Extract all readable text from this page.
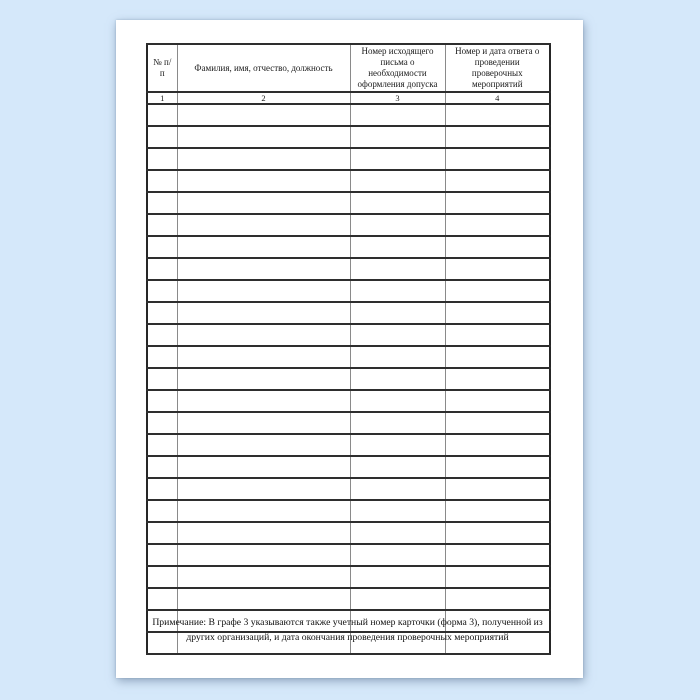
№ п/п	Фамилия, имя, отчество, должность	Номер исходящего письма о необходимости оформления допуска	Номер и дата ответа о проведении проверочных мероприятий
1	2	3	4

Примечание: В графе 3 указываются также учетный номер карточки (форма 3), полученной из других организаций, и дата окончания проведения проверочных мероприятий
